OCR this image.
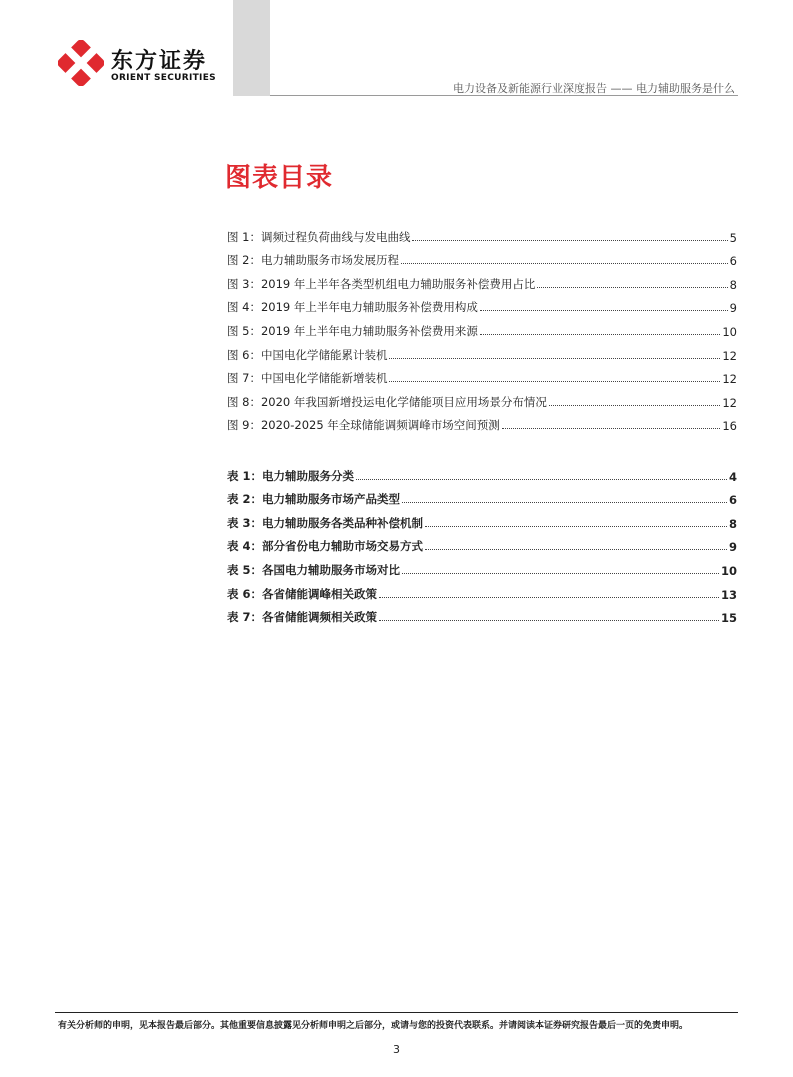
东方证券
ORIENT SECURITIES
电力设备及新能源行业深度报告 —— 电力辅助服务是什么
图表目录
图 1：调频过程负荷曲线与发电曲线	5
图 2：电力辅助服务市场发展历程	6
图 3：2019 年上半年各类型机组电力辅助服务补偿费用占比	8
图 4：2019 年上半年电力辅助服务补偿费用构成	9
图 5：2019 年上半年电力辅助服务补偿费用来源	10
图 6：中国电化学储能累计装机	12
图 7：中国电化学储能新增装机	12
图 8：2020 年我国新增投运电化学储能项目应用场景分布情况	12
图 9：2020-2025 年全球储能调频调峰市场空间预测	16
表 1：电力辅助服务分类	4
表 2：电力辅助服务市场产品类型	6
表 3：电力辅助服务各类品种补偿机制	8
表 4：部分省份电力辅助市场交易方式	9
表 5：各国电力辅助服务市场对比	10
表 6：各省储能调峰相关政策	13
表 7：各省储能调频相关政策	15
有关分析师的申明，见本报告最后部分。其他重要信息披露见分析师申明之后部分，或请与您的投资代表联系。并请阅读本证券研究报告最后一页的免责申明。
3
